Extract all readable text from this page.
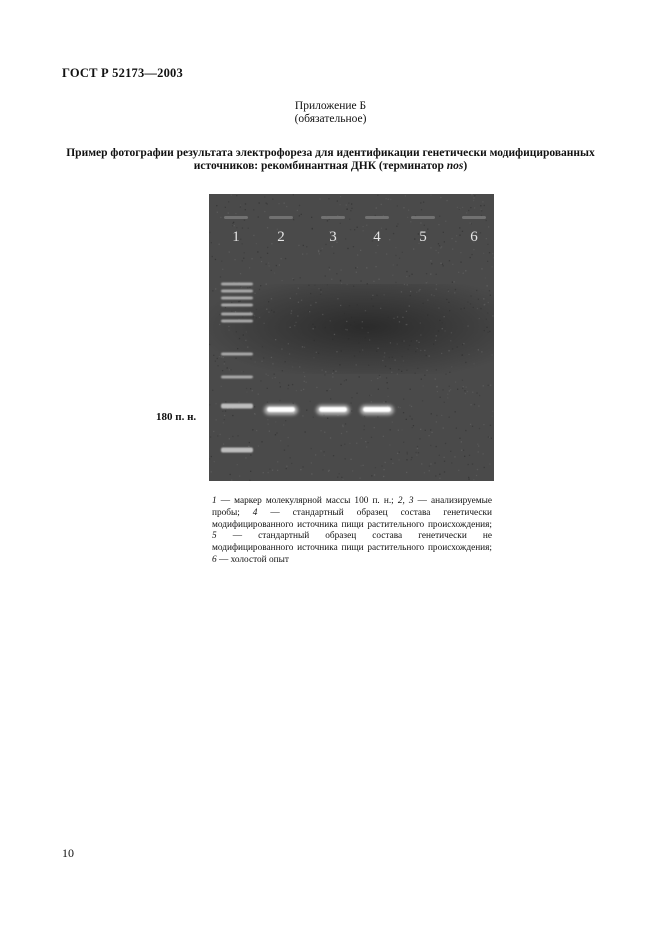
ГОСТ Р 52173—2003
Приложение Б
(обязательное)
Пример фотографии результата электрофореза для идентификации генетически модифицированных источников: рекомбинантная ДНК (терминатор nos)
1	2	3 4	5	6
180 п. н.
1 — маркер молекулярной массы 100 п. н.; 2, 3 — анализируемые пробы; 4 — стандартный образец состава генетически модифицированного источника пищи растительного происхождения; 5 — стандартный образец состава генетически не модифицированного источника пищи растительного происхождения; 6 — холостой опыт
10
